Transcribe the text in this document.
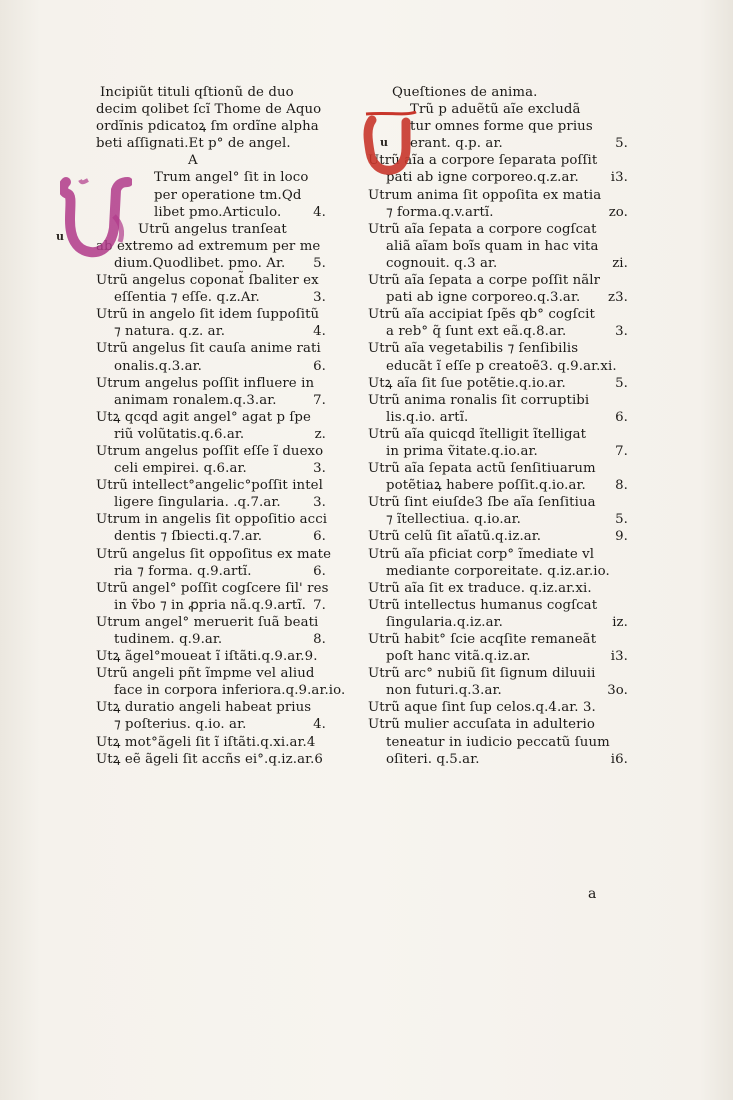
Incipiũt tituli qſtionũ de duo
decim qolibet ſcĩ Thome de Aquo
ordĩnis pdicatoꝝ ſm ordĩne alpha
beti aſſignati.Et p° de angel.
A
Trum angel° ſit in loco
per operatione tm.Qd
libet pmo.Articulo. 4.
Utrũ angelus tranſeat
ab extremo ad extremum per me
dium.Quodlibet. pmo. Ar. 5.
Utrũ angelus coponat̃ ſbaliter ex
eſſentia ⁊ eſſe. q.z.Ar.	3.
Utrũ in angelo ſit idem ſuppoſitũ
⁊ natura. q.z. ar.	4.
Utrũ angelus ſit cauſa anime rati
onalis.q.3.ar.	6.
Utrum angelus poſſit influere in
animam ronalem.q.3.ar.	7.
Utꝝ qcqd agit angel° agat p ſpe
riũ volũtatis.q.6.ar.	z.
Utrum angelus poſſit eſſe ĩ duexo
celi empirei. q.6.ar.	3.
Utrũ intellect°angelic°poſſit intel
ligere ſingularia. .q.7.ar. 3.
Utrum in angelis ſit oppoſitio acci
dentis ⁊ ſbiecti.q.7.ar.	6.
Utrũ angelus ſit oppoſitus ex mate
ria ⁊ forma. q.9.artĩ.	6.
Utrũ angel° poſſit cogſcere ſil' res
in ṽbo ⁊ in ꝓpria nã.q.9.artĩ. 7.
Utrum angel° meruerit ſuã beati
tudinem. q.9.ar.	8.
Utꝝ ãgel°moueat ĩ iſtãti.q.9.ar.9.
Utrũ angeli pñt ĩmpme vel aliud
face in corpora inferiora.q.9.ar.io.
Utꝝ duratio angeli habeat prius
⁊ poſterius. q.io. ar.	4.
Utꝝ mot°ãgeli ſit ĩ iſtãti.q.xi.ar.4
Utꝝ eẽ ãgeli ſit accñs ei°.q.iz.ar.6
Queſtiones de anima.
Trũ p aduẽtũ aĩe excludã
tur omnes forme que prius
erant. q.p. ar.	5.
Utrũ aĩa a corpore ſeparata poſſit
pati ab igne corporeo.q.z.ar. i3.
Utrum anima ſit oppoſita ex matia
⁊ forma.q.v.artĩ.	zo.
Utrũ aĩa ſepata a corpore cogſcat
aliã aĩam boĩs quam in hac vita
cognouit. q.3 ar.	zi.
Utrũ aĩa ſepata a corpe poſſit nãlr
pati ab igne corporeo.q.3.ar. z3.
Utrũ aĩa accipiat ſpẽs qb° cogſcit
a reb° q̃ ſunt ext eã.q.8.ar.	3.
Utrũ aĩa vegetabilis ⁊ ſenſibilis
educãt ĩ eſſe p creatoẽ3. q.9.ar.xi.
Utꝝ aĩa ſit ſue potẽtie.q.io.ar.	5.
Utrũ anima ronalis ſit corruptibi
lis.q.io. artĩ.	6.
Utrũ aĩa quicqd ĩtelligit ĩtelligat
in prima ṽitate.q.io.ar.	7.
Utrũ aĩa ſepata actũ ſenſitiuarum
potẽtiaꝝ habere poſſit.q.io.ar. 8.
Utrũ ſint eiuſde3 ſbe aĩa ſenſitiua
⁊ ĩtellectiua. q.io.ar.	5.
Utrũ celũ ſit aĩatũ.q.iz.ar.	9.
Utrũ aĩa pficiat corp° ĩmediate vl
mediante corporeitate. q.iz.ar.io.
Utrũ aĩa ſit ex traduce. q.iz.ar.xi.
Utrũ intellectus humanus cogſcat
ſingularia.q.iz.ar.	iz.
Utrũ habit° ſcie acqſite remaneãt
poſt hanc vitã.q.iz.ar.	i3.
Utrũ arc° nubiũ ſit ſignum diluuii
non futuri.q.3.ar.	3o.
Utrũ aque ſint ſup celos.q.4.ar. 3.
Utrũ mulier accuſata in adulterio
teneatur in iudicio peccatũ ſuum
oſiteri. q.5.ar.	i6.
u
u
a
